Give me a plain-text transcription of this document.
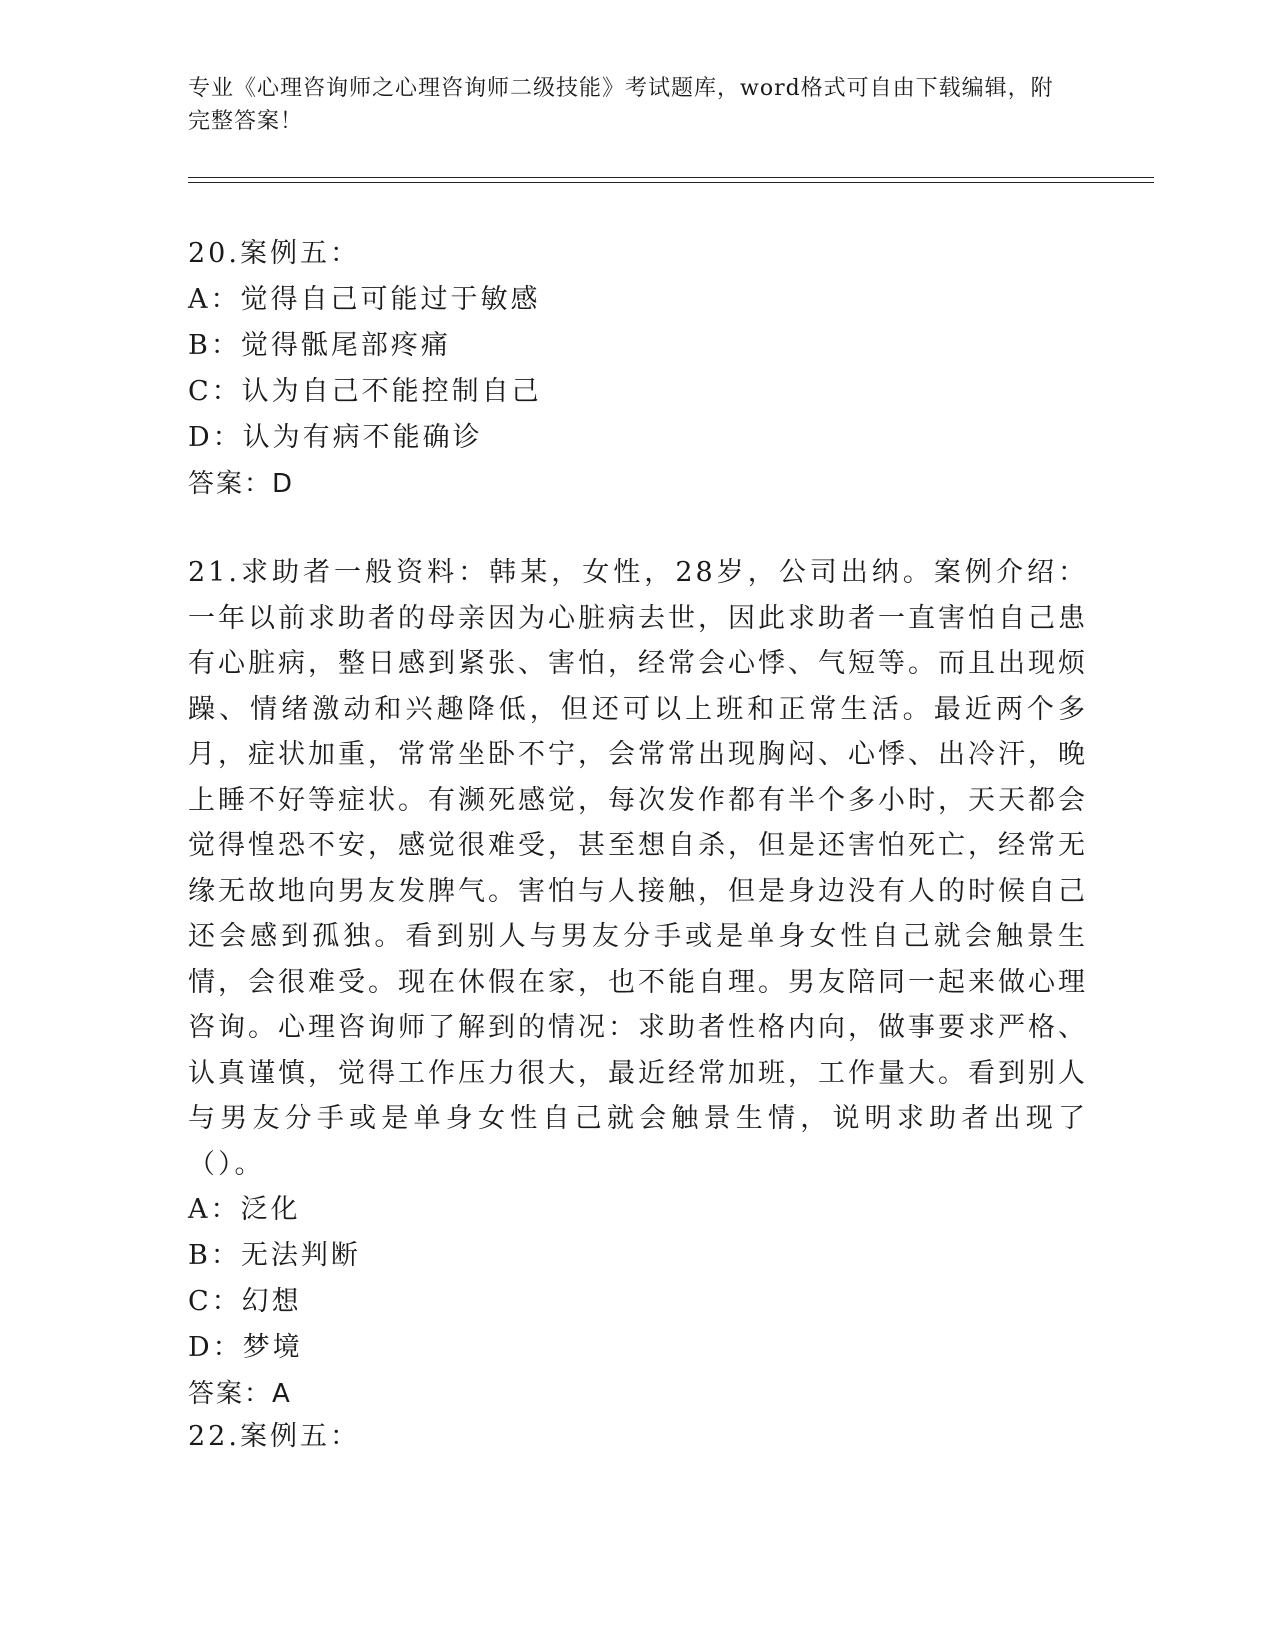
专业《心理咨询师之心理咨询师二级技能》考试题库，word格式可自由下载编辑，附完整答案！
20.案例五：
A：觉得自己可能过于敏感
B：觉得骶尾部疼痛
C：认为自己不能控制自己
D：认为有病不能确诊
答案：D
21.求助者一般资料：韩某，女性，28岁，公司出纳。案例介绍：一年以前求助者的母亲因为心脏病去世，因此求助者一直害怕自己患有心脏病，整日感到紧张、害怕，经常会心悸、气短等。而且出现烦躁、情绪激动和兴趣降低，但还可以上班和正常生活。最近两个多月，症状加重，常常坐卧不宁，会常常出现胸闷、心悸、出冷汗，晚上睡不好等症状。有濒死感觉，每次发作都有半个多小时，天天都会觉得惶恐不安，感觉很难受，甚至想自杀，但是还害怕死亡，经常无缘无故地向男友发脾气。害怕与人接触，但是身边没有人的时候自己还会感到孤独。看到别人与男友分手或是单身女性自己就会触景生情，会很难受。现在休假在家，也不能自理。男友陪同一起来做心理咨询。心理咨询师了解到的情况：求助者性格内向，做事要求严格、认真谨慎，觉得工作压力很大，最近经常加班，工作量大。看到别人与男友分手或是单身女性自己就会触景生情，说明求助者出现了（）。
A：泛化
B：无法判断
C：幻想
D：梦境
答案：A
22.案例五：
